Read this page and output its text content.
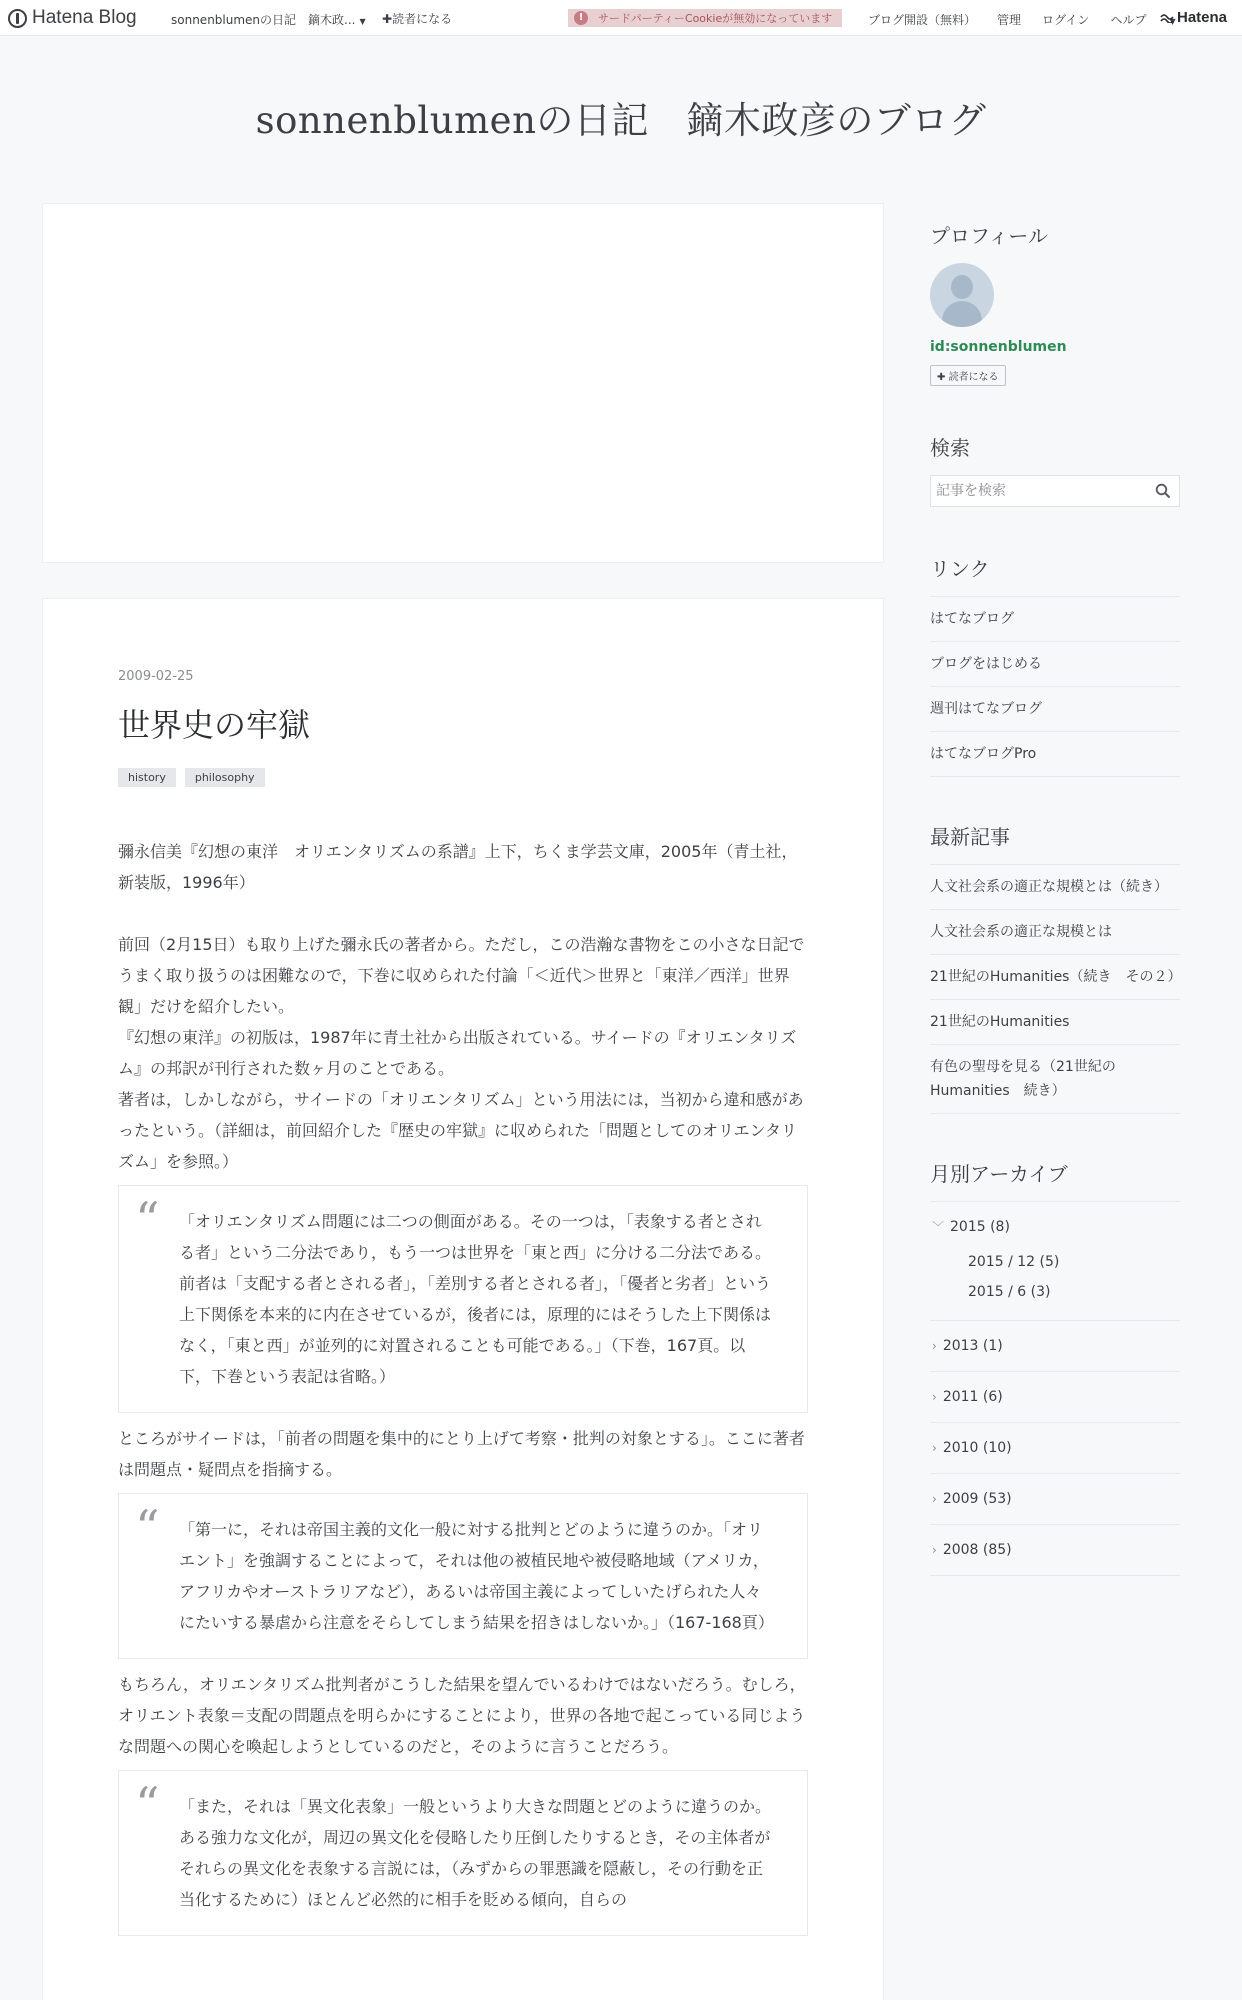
Hatena Blog	sonnenblumenの日記　鏑木政... ▼ ✚読者になる	!	サードパーティーCookieが無効になっています	ブログ開設（無料） 管理 ログイン ヘルプ	▼ Hatena
sonnenblumenの日記　鏑木政彦のブログ
2009-02-25
世界史の牢獄
history	philosophy

彌永信美『幻想の東洋　オリエンタリズムの系譜』上下，ちくま学芸文庫，2005年（青土社，新装版，1996年）

前回（2月15日）も取り上げた彌永氏の著者から。ただし，この浩瀚な書物をこの小さな日記でうまく取り扱うのは困難なので，下巻に収められた付論「＜近代＞世界と「東洋／西洋」世界観」だけを紹介したい。

『幻想の東洋』の初版は，1987年に青土社から出版されている。サイードの『オリエンタリズム』の邦訳が刊行された数ヶ月のことである。

著者は，しかしながら，サイードの「オリエンタリズム」という用法には，当初から違和感があったという。（詳細は，前回紹介した『歴史の牢獄』に収められた「問題としてのオリエンタリズム」を参照。）

“ 「オリエンタリズム問題には二つの側面がある。その一つは，「表象する者とされる者」という二分法であり，もう一つは世界を「東と西」に分ける二分法である。前者は「支配する者とされる者」，「差別する者とされる者」，「優者と劣者」という上下関係を本来的に内在させているが，後者には，原理的にはそうした上下関係はなく，「東と西」が並列的に対置されることも可能である。」（下巻，167頁。以下，下巻という表記は省略。）

ところがサイードは，「前者の問題を集中的にとり上げて考察・批判の対象とする」。ここに著者は問題点・疑問点を指摘する。

“ 「第一に，それは帝国主義的文化一般に対する批判とどのように違うのか。「オリエント」を強調することによって，それは他の被植民地や被侵略地域（アメリカ，アフリカやオーストラリアなど），あるいは帝国主義によってしいたげられた人々にたいする暴虐から注意をそらしてしまう結果を招きはしないか。」（167-168頁）

もちろん，オリエンタリズム批判者がこうした結果を望んでいるわけではないだろう。むしろ，オリエント表象＝支配の問題点を明らかにすることにより，世界の各地で起こっている同じような問題への関心を喚起しようとしているのだと，そのように言うことだろう。

“ 「また，それは「異文化表象」一般というより大きな問題とどのように違うのか。ある強力な文化が，周辺の異文化を侵略したり圧倒したりするとき，その主体者がそれらの異文化を表象する言説には，（みずからの罪悪識を隠蔽し，その行動を正当化するために）ほとんど必然的に相手を貶める傾向，自らの

プロフィール
id:sonnenblumen
✚ 読者になる
検索
記事を検索
リンク
はてなブログ
ブログをはじめる
週刊はてなブログ
はてなブログPro
最新記事
人文社会系の適正な規模とは（続き）
人文社会系の適正な規模とは
21世紀のHumanities（続き　その２）
21世紀のHumanities
有色の聖母を見る（21世紀のHumanities　続き）
月別アーカイブ
﹀ 2015 (8)
2015 / 12 (5)
2015 / 6 (3)
› 2013 (1)
› 2011 (6)
› 2010 (10)
› 2009 (53)
› 2008 (85)
